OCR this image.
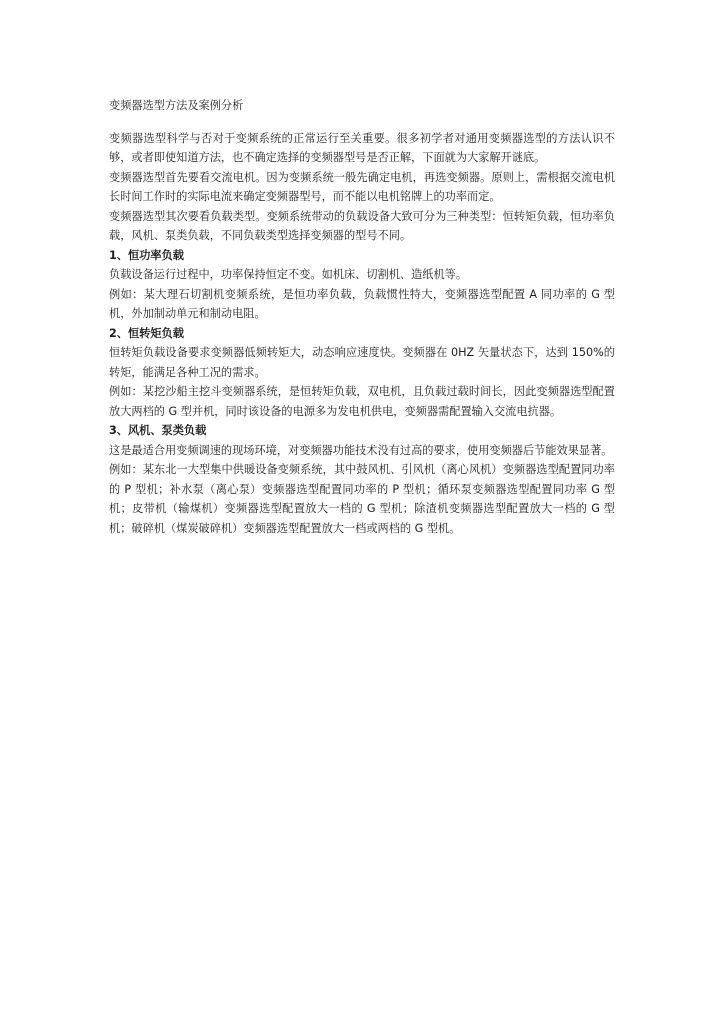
变频器选型方法及案例分析

变频器选型科学与否对于变频系统的正常运行至关重要。很多初学者对通用变频器选型的方法认识不够，或者即使知道方法，也不确定选择的变频器型号是否正解，下面就为大家解开谜底。

变频器选型首先要看交流电机。因为变频系统一般先确定电机，再选变频器。原则上，需根据交流电机长时间工作时的实际电流来确定变频器型号，而不能以电机铭牌上的功率而定。

变频器选型其次要看负载类型。变频系统带动的负载设备大致可分为三种类型：恒转矩负载，恒功率负载，风机、泵类负载，不同负载类型选择变频器的型号不同。

1、恒功率负载

负载设备运行过程中，功率保持恒定不变。如机床、切割机、造纸机等。

例如：某大理石切割机变频系统，是恒功率负载，负载惯性特大，变频器选型配置 A 同功率的 G 型机，外加制动单元和制动电阻。

2、恒转矩负载

恒转矩负载设备要求变频器低频转矩大，动态响应速度快。变频器在 0HZ 矢量状态下，达到 150%的转矩，能满足各种工况的需求。

例如：某挖沙船主挖斗变频器系统，是恒转矩负载，双电机，且负载过载时间长，因此变频器选型配置放大两档的 G 型并机，同时该设备的电源多为发电机供电，变频器需配置输入交流电抗器。

3、风机、泵类负载

这是最适合用变频调速的现场环境，对变频器功能技术没有过高的要求，使用变频器后节能效果显著。

例如：某东北一大型集中供暖设备变频系统，其中鼓风机、引风机（离心风机）变频器选型配置同功率的 P 型机；补水泵（离心泵）变频器选型配置同功率的 P 型机；循环泵变频器选型配置同功率 G 型机；皮带机（输煤机）变频器选型配置放大一档的 G 型机；除渣机变频器选型配置放大一档的 G 型机；破碎机（煤炭破碎机）变频器选型配置放大一档或两档的 G 型机。
